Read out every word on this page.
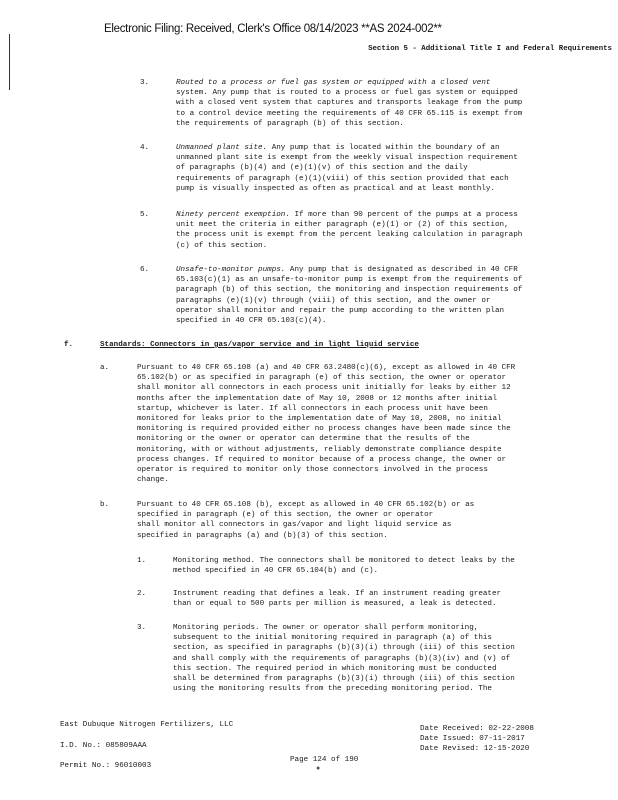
Electronic Filing: Received, Clerk's Office 08/14/2023 **AS 2024-002**
Section 5 - Additional Title I and Federal Requirements
3.	Routed to a process or fuel gas system or equipped with a closed vent
system. Any pump that is routed to a process or fuel gas system or equipped
with a closed vent system that captures and transports leakage from the pump
to a control device meeting the requirements of 40 CFR 65.115 is exempt from
the requirements of paragraph (b) of this section.
4.	Unmanned plant site. Any pump that is located within the boundary of an
unmanned plant site is exempt from the weekly visual inspection requirement
of paragraphs (b)(4) and (e)(1)(v) of this section and the daily
requirements of paragraph (e)(1)(viii) of this section provided that each
pump is visually inspected as often as practical and at least monthly.
5.	Ninety percent exemption. If more than 90 percent of the pumps at a process
unit meet the criteria in either paragraph (e)(1) or (2) of this section,
the process unit is exempt from the percent leaking calculation in paragraph
(c) of this section.
6.	Unsafe-to-monitor pumps. Any pump that is designated as described in 40 CFR
65.103(c)(1) as an unsafe-to-monitor pump is exempt from the requirements of
paragraph (b) of this section, the monitoring and inspection requirements of
paragraphs (e)(1)(v) through (viii) of this section, and the owner or
operator shall monitor and repair the pump according to the written plan
specified in 40 CFR 65.103(c)(4).
f.	Standards: Connectors in gas/vapor service and in light liquid service
a.	Pursuant to 40 CFR 65.108 (a) and 40 CFR 63.2480(c)(6), except as allowed in 40 CFR
65.102(b) or as specified in paragraph (e) of this section, the owner or operator
shall monitor all connectors in each process unit initially for leaks by either 12
months after the implementation date of May 10, 2008 or 12 months after initial
startup, whichever is later. If all connectors in each process unit have been
monitored for leaks prior to the implementation date of May 10, 2008, no initial
monitoring is required provided either no process changes have been made since the
monitoring or the owner or operator can determine that the results of the
monitoring, with or without adjustments, reliably demonstrate compliance despite
process changes. If required to monitor because of a process change, the owner or
operator is required to monitor only those connectors involved in the process
change.
b.	Pursuant to 40 CFR 65.108 (b), except as allowed in 40 CFR 65.102(b) or as
specified in paragraph (e) of this section, the owner or operator
shall monitor all connectors in gas/vapor and light liquid service as
specified in paragraphs (a) and (b)(3) of this section.
1.	Monitoring method. The connectors shall be monitored to detect leaks by the
method specified in 40 CFR 65.104(b) and (c).
2.	Instrument reading that defines a leak. If an instrument reading greater
than or equal to 500 parts per million is measured, a leak is detected.
3.	Monitoring periods. The owner or operator shall perform monitoring,
subsequent to the initial monitoring required in paragraph (a) of this
section, as specified in paragraphs (b)(3)(i) through (iii) of this section
and shall comply with the requirements of paragraphs (b)(3)(iv) and (v) of
this section. The required period in which monitoring must be conducted
shall be determined from paragraphs (b)(3)(i) through (iii) of this section
using the monitoring results from the preceding monitoring period. The

East Dubuque Nitrogen Fertilizers, LLC

I.D. No.: 085809AAA

Permit No.: 96010003

Date Received: 02-22-2008
Date Issued: 07-11-2017
Date Revised: 12-15-2020
Page 124 of 190
●
